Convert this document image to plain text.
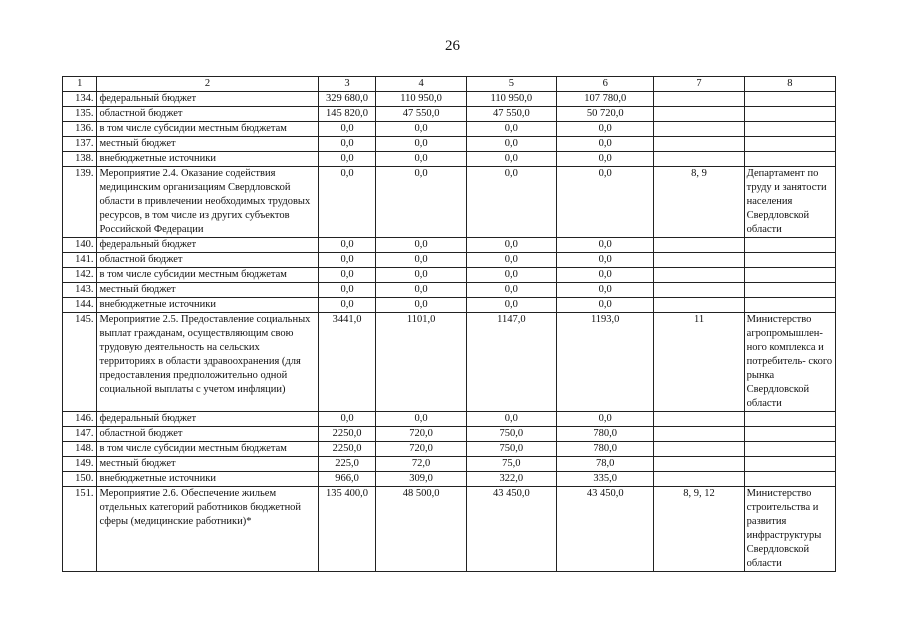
26
1	2	3	4	5	6	7	8
134.	федеральный бюджет	329 680,0	110 950,0	110 950,0	107 780,0		
135.	областной бюджет	145 820,0	47 550,0	47 550,0	50 720,0		
136.	в том числе субсидии местным бюджетам	0,0	0,0	0,0	0,0		
137.	местный бюджет	0,0	0,0	0,0	0,0		
138.	внебюджетные источники	0,0	0,0	0,0	0,0		
139.	Мероприятие 2.4. Оказание содействия медицинским организациям Свердловской области в привлечении необходимых трудовых ресурсов, в том числе из других субъектов Российской Федерации	0,0	0,0	0,0	0,0	8, 9	Департамент по труду и занятости населения Свердловской области
140.	федеральный бюджет	0,0	0,0	0,0	0,0		
141.	областной бюджет	0,0	0,0	0,0	0,0		
142.	в том числе субсидии местным бюджетам	0,0	0,0	0,0	0,0		
143.	местный бюджет	0,0	0,0	0,0	0,0		
144.	внебюджетные источники	0,0	0,0	0,0	0,0		
145.	Мероприятие 2.5. Предоставление социальных выплат гражданам, осуществляющим свою трудовую деятельность на сельских территориях в области здравоохранения (для предоставления предположительно одной социальной выплаты с учетом инфляции)	3441,0	1101,0	1147,0	1193,0	11	Министерство агропромышлен- ного комплекса и потребитель- ского рынка Свердловской области
146.	федеральный бюджет	0,0	0,0	0,0	0,0		
147.	областной бюджет	2250,0	720,0	750,0	780,0		
148.	в том числе субсидии местным бюджетам	2250,0	720,0	750,0	780,0		
149.	местный бюджет	225,0	72,0	75,0	78,0		
150.	внебюджетные источники	966,0	309,0	322,0	335,0		
151.	Мероприятие 2.6. Обеспечение жильем отдельных категорий работников бюджетной сферы (медицинские работники)*	135 400,0	48 500,0	43 450,0	43 450,0	8, 9, 12	Министерство строительства и развития инфраструктуры Свердловской области
